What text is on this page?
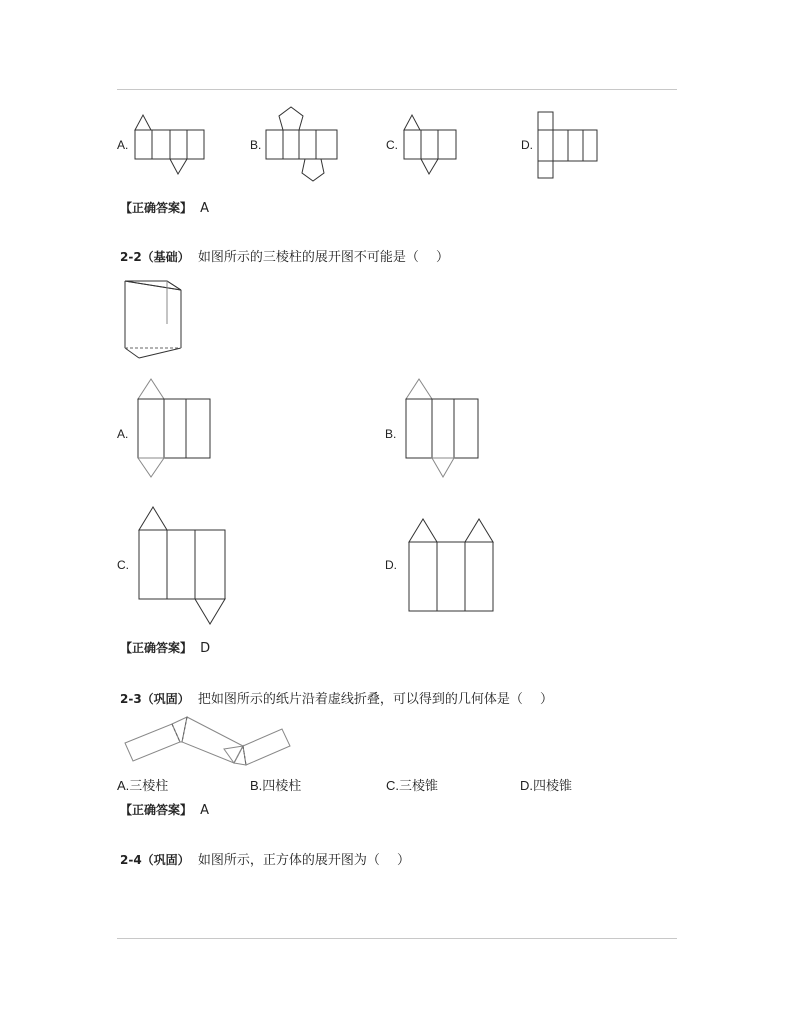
A.	B.	C.	D.
【正确答案】 A
2-2（基础） 如图所示的三棱柱的展开图不可能是（　 ）
A.	B.
C.	D.
【正确答案】 D
2-3（巩固） 把如图所示的纸片沿着虚线折叠，可以得到的几何体是（　 ）
A.三棱柱	B.四棱柱	C.三棱锥	D.四棱锥
【正确答案】 A
2-4（巩固） 如图所示，正方体的展开图为（　 ）
